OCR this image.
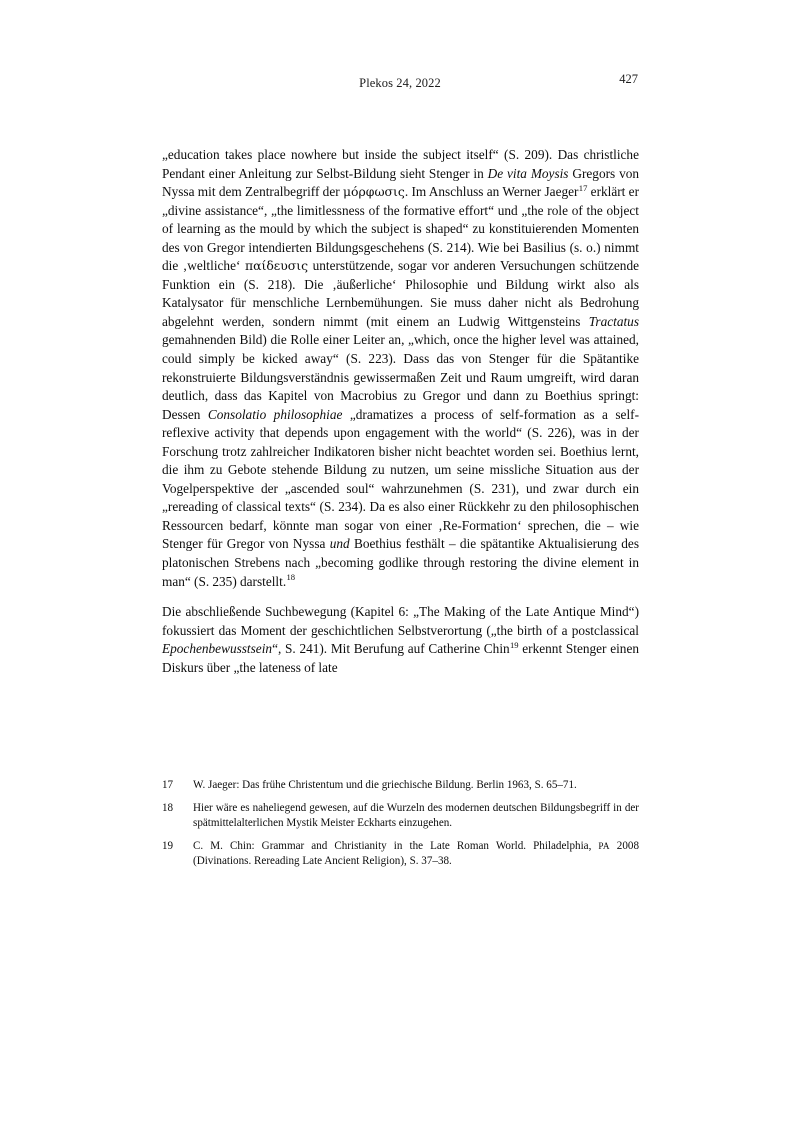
Plekos 24, 2022	427

„education takes place nowhere but inside the subject itself“ (S. 209). Das christliche Pendant einer Anleitung zur Selbst-Bildung sieht Stenger in De vita Moysis Gregors von Nyssa mit dem Zentralbegriff der μόρφωσις. Im Anschluss an Werner Jaeger$^{17}$ erklärt er „divine assistance“, „the limitlessness of the formative effort“ und „the role of the object of learning as the mould by which the subject is shaped“ zu konstituierenden Momenten des von Gregor intendierten Bildungsgeschehens (S. 214). Wie bei Basilius (s. o.) nimmt die ‚weltliche‘ παίδευσις unterstützende, sogar vor anderen Versuchungen schützende Funktion ein (S. 218). Die ‚äußerliche‘ Philosophie und Bildung wirkt also als Katalysator für menschliche Lernbemühungen. Sie muss daher nicht als Bedrohung abgelehnt werden, sondern nimmt (mit einem an Ludwig Wittgensteins Tractatus gemahnenden Bild) die Rolle einer Leiter an, „which, once the higher level was attained, could simply be kicked away“ (S. 223). Dass das von Stenger für die Spätantike rekonstruierte Bildungsverständnis gewissermaßen Zeit und Raum umgreift, wird daran deutlich, dass das Kapitel von Macrobius zu Gregor und dann zu Boethius springt: Dessen Consolatio philosophiae „dramatizes a process of self-formation as a self-reflexive activity that depends upon engagement with the world“ (S. 226), was in der Forschung trotz zahlreicher Indikatoren bisher nicht beachtet worden sei. Boethius lernt, die ihm zu Gebote stehende Bildung zu nutzen, um seine missliche Situation aus der Vogelperspektive der „ascended soul“ wahrzunehmen (S. 231), und zwar durch ein „rereading of classical texts“ (S. 234). Da es also einer Rückkehr zu den philosophischen Ressourcen bedarf, könnte man sogar von einer ‚Re-Formation‘ sprechen, die – wie Stenger für Gregor von Nyssa und Boethius festhält – die spätantike Aktualisierung des platonischen Strebens nach „becoming godlike through restoring the divine element in man“ (S. 235) darstellt.$^{18}$

Die abschließende Suchbewegung (Kapitel 6: „The Making of the Late Antique Mind“) fokussiert das Moment der geschichtlichen Selbstverortung („the birth of a postclassical Epochenbewusstsein“, S. 241). Mit Berufung auf Catherine Chin$^{19}$ erkennt Stenger einen Diskurs über „the lateness of late

17	W. Jaeger: Das frühe Christentum und die griechische Bildung. Berlin 1963, S. 65–71.
18	Hier wäre es naheliegend gewesen, auf die Wurzeln des modernen deutschen Bildungsbegriff in der spätmittelalterlichen Mystik Meister Eckharts einzugehen.
19	C. M. Chin: Grammar and Christianity in the Late Roman World. Philadelphia, PA 2008 (Divinations. Rereading Late Ancient Religion), S. 37–38.
